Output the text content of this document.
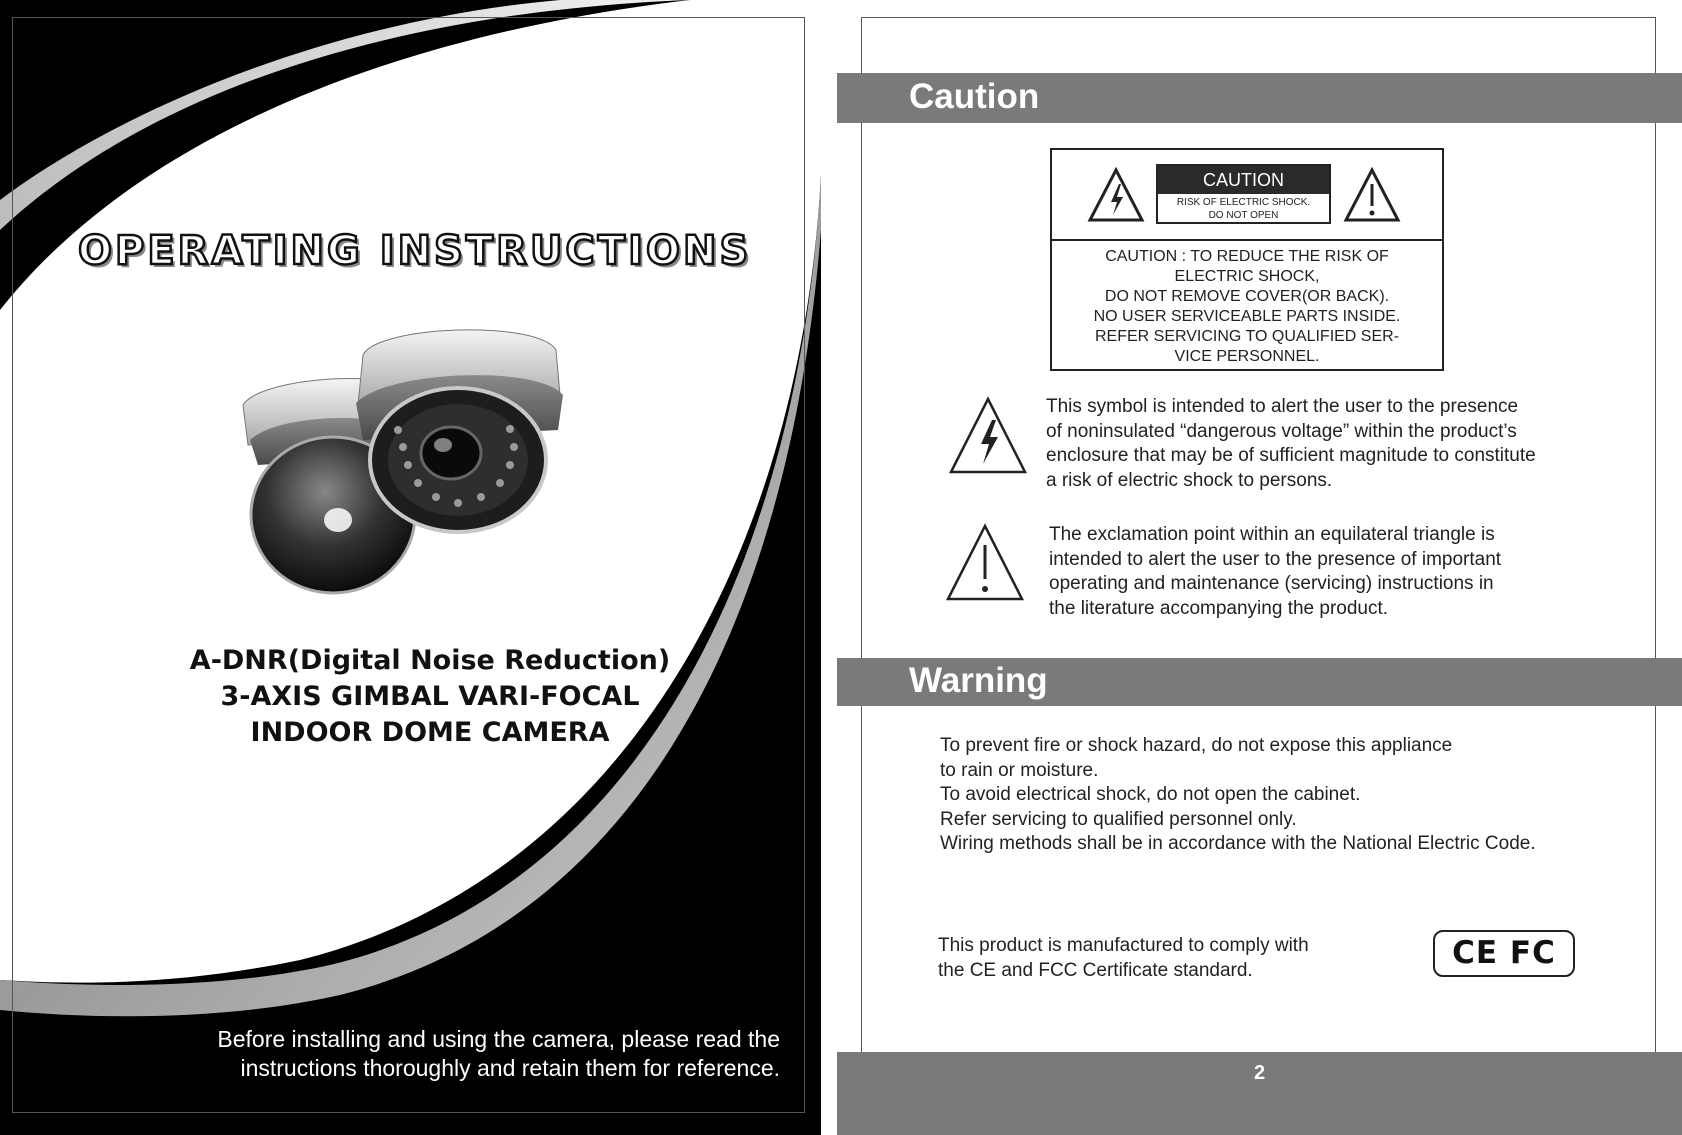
OPERATING INSTRUCTIONS
A-DNR(Digital Noise Reduction)
3-AXIS GIMBAL VARI-FOCAL
INDOOR DOME CAMERA
Before installing and using the camera, please read the
instructions thoroughly and retain them for reference.
Caution
CAUTION
RISK OF ELECTRIC SHOCK.
DO NOT OPEN
CAUTION : TO REDUCE THE RISK OF
ELECTRIC SHOCK,
DO NOT REMOVE COVER(OR BACK).
NO USER SERVICEABLE PARTS INSIDE.
REFER SERVICING TO QUALIFIED SER-
VICE PERSONNEL.
This symbol is intended to alert the user to the presence
of noninsulated “dangerous voltage” within the product’s
enclosure that may be of sufficient magnitude to constitute
a risk of electric shock to persons.
The exclamation point within an equilateral triangle is
intended to alert the user to the presence of important
operating and maintenance (servicing) instructions in
the literature accompanying the product.
Warning
To prevent fire or shock hazard, do not expose this appliance
to rain or moisture.
To avoid electrical shock, do not open the cabinet.
Refer servicing to qualified personnel only.
Wiring methods shall be in accordance with the National Electric Code.
This product is manufactured to comply with
the CE and FCC Certificate standard.	CE FC
2
